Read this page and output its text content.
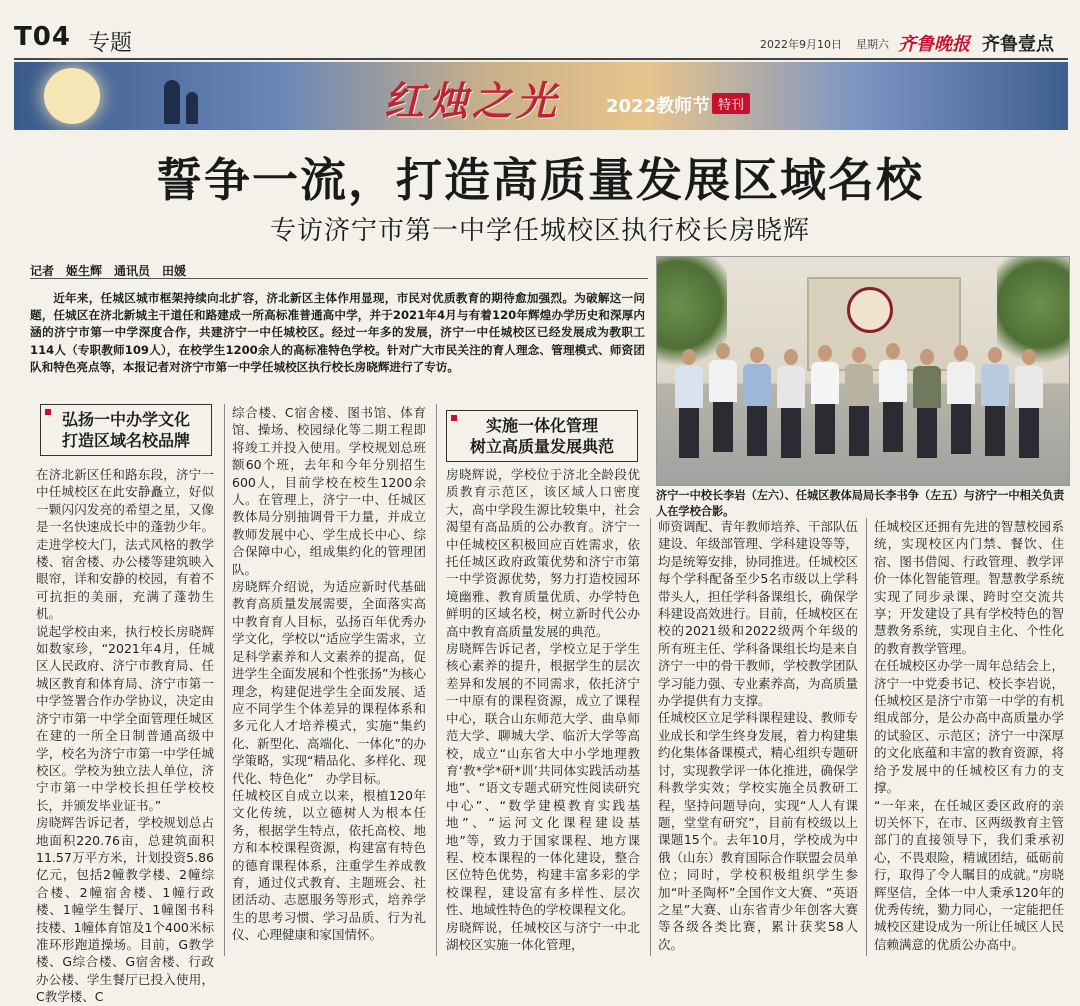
T04 专题	2022年9月10日 星期六 齐鲁晚报 齐鲁壹点
红烛之光	2022教师节 特刊
誓争一流，打造高质量发展区域名校
专访济宁市第一中学任城校区执行校长房晓辉
记者　姬生辉　通讯员　田媛
近年来，任城区城市框架持续向北扩容，济北新区主体作用显现，市民对优质教育的期待愈加强烈。为破解这一问题，任城区在济北新城主干道任和路建成一所高标准普通高中学，并于2021年4月与有着120年辉煌办学历史和深厚内涵的济宁市第一中学深度合作，共建济宁一中任城校区。经过一年多的发展，济宁一中任城校区已经发展成为教职工114人（专职教师109人），在校学生1200余人的高标准特色学校。针对广大市民关注的育人理念、管理模式、师资团队和特色亮点等，本报记者对济宁市第一中学任城校区执行校长房晓辉进行了专访。
济宁一中校长李岩（左六）、任城区教体局局长李书争（左五）与济宁一中相关负责人在学校合影。
弘扬一中办学文化
打造区域名校品牌
实施一体化管理
树立高质量发展典范
在济北新区任和路东段，济宁一中任城校区在此安静矗立，好似一颗闪闪发亮的希望之星，又像是一名快速成长中的蓬勃少年。走进学校大门，法式风格的教学楼、宿舍楼、办公楼等建筑映入眼帘，详和安静的校园，有着不可抗拒的美丽，充满了蓬勃生机。
说起学校由来，执行校长房晓辉如数家珍，“2021年4月，任城区人民政府、济宁市教育局、任城区教育和体育局、济宁市第一中学签署合作办学协议，决定由济宁市第一中学全面管理任城区在建的一所全日制普通高级中学，校名为济宁市第一中学任城校区。学校为独立法人单位，济宁市第一中学校长担任学校校长，并颁发毕业证书。”
房晓辉告诉记者，学校规划总占地面积220.76亩，总建筑面积11.57万平方米，计划投资5.86亿元，包括2幢教学楼、2幢综合楼、2幢宿舍楼、1幢行政楼、1幢学生餐厅、1幢图书科技楼、1幢体育馆及1个400米标准环形跑道操场。目前，G教学楼、G综合楼、G宿舍楼、行政办公楼、学生餐厅已投入使用，C教学楼、C
综合楼、C宿舍楼、图书馆、体育馆、操场、校园绿化等二期工程即将竣工并投入使用。学校规划总班额60个班，去年和今年分别招生600人，目前学校在校生1200余人。在管理上，济宁一中、任城区教体局分别抽调骨干力量，并成立教师发展中心、学生成长中心、综合保障中心，组成集约化的管理团队。
房晓辉介绍说，为适应新时代基础教育高质量发展需要，全面落实高中教育育人目标，弘扬百年优秀办学文化，学校以“适应学生需求，立足科学素养和人文素养的提高，促进学生全面发展和个性张扬”为核心理念，构建促进学生全面发展、适应不同学生个体差异的课程体系和多元化人才培养模式，实施“集约化、新型化、高端化、一体化”的办学策略，实现“精品化、多样化、现代化、特色化”　办学目标。
任城校区自成立以来，根植120年文化传统，以立德树人为根本任务，根据学生特点，依托高校、地方和本校课程资源，构建富有特色的德育课程体系，注重学生养成教育，通过仪式教育、主题班会、社团活动、志愿服务等形式，培养学生的思考习惯、学习品质、行为礼仪、心理健康和家国情怀。
房晓辉说，学校位于济北全龄段优质教育示范区，该区域人口密度大，高中学段生源比较集中，社会渴望有高品质的公办教育。济宁一中任城校区积极回应百姓需求，依托任城区政府政策优势和济宁市第一中学资源优势，努力打造校园环境幽雅、教育质量优质、办学特色鲜明的区域名校，树立新时代公办高中教育高质量发展的典范。
房晓辉告诉记者，学校立足于学生核心素养的提升，根据学生的层次差异和发展的不同需求，依托济宁一中原有的课程资源，成立了课程中心，联合山东师范大学、曲阜师范大学、聊城大学、临沂大学等高校，成立“山东省大中小学地理教育‘教*学*研*训’共同体实践活动基地”、“语文专题式研究性阅读研究中心”、“数学建模教育实践基地”、“运河文化课程建设基地”等，致力于国家课程、地方课程、校本课程的一体化建设，整合区位特色优势，构建丰富多彩的学校课程，建设富有多样性、层次性、地域性特色的学校课程文化。
房晓辉说，任城校区与济宁一中北湖校区实施一体化管理，
师资调配、青年教师培养、干部队伍建设、年级部管理、学科建设等等，均是统筹安排，协同推进。任城校区每个学科配备至少5名市级以上学科带头人，担任学科备课组长，确保学科建设高效进行。目前，任城校区在校的2021级和2022级两个年级的所有班主任、学科备课组长均是来自济宁一中的骨干教师，学校教学团队学习能力强、专业素养高，为高质量办学提供有力支撑。
任城校区立足学科课程建设、教师专业成长和学生终身发展，着力构建集约化集体备课模式，精心组织专题研讨，实现教学评一体化推进，确保学科教学实效；学校实施全员教研工程，坚持问题导向，实现“人人有课题，堂堂有研究”，目前有校级以上课题15个。去年10月，学校成为中俄（山东）教育国际合作联盟会员单位；同时，学校积极组织学生参加“叶圣陶杯”全国作文大赛、“英语之星”大赛、山东省青少年创客大赛等各级各类比赛，累计获奖58人次。
任城校区还拥有先进的智慧校园系统，实现校区内门禁、餐饮、住宿、图书借阅、行政管理、教学评价一体化智能管理。智慧教学系统实现了同步录课、跨时空交流共享；开发建设了具有学校特色的智慧教务系统，实现自主化、个性化的教育教学管理。
在任城校区办学一周年总结会上，济宁一中党委书记、校长李岩说，任城校区是济宁市第一中学的有机组成部分，是公办高中高质量办学的试验区、示范区；济宁一中深厚的文化底蕴和丰富的教育资源，将给予发展中的任城校区有力的支撑。
“一年来，在任城区委区政府的亲切关怀下，在市、区两级教育主管部门的直接领导下，我们秉承初心，不畏艰险，精诚团结，砥砺前行，取得了令人瞩目的成就。”房晓辉坚信，全体一中人秉承120年的优秀传统，勠力同心，一定能把任城校区建设成为一所让任城区人民信赖满意的优质公办高中。
